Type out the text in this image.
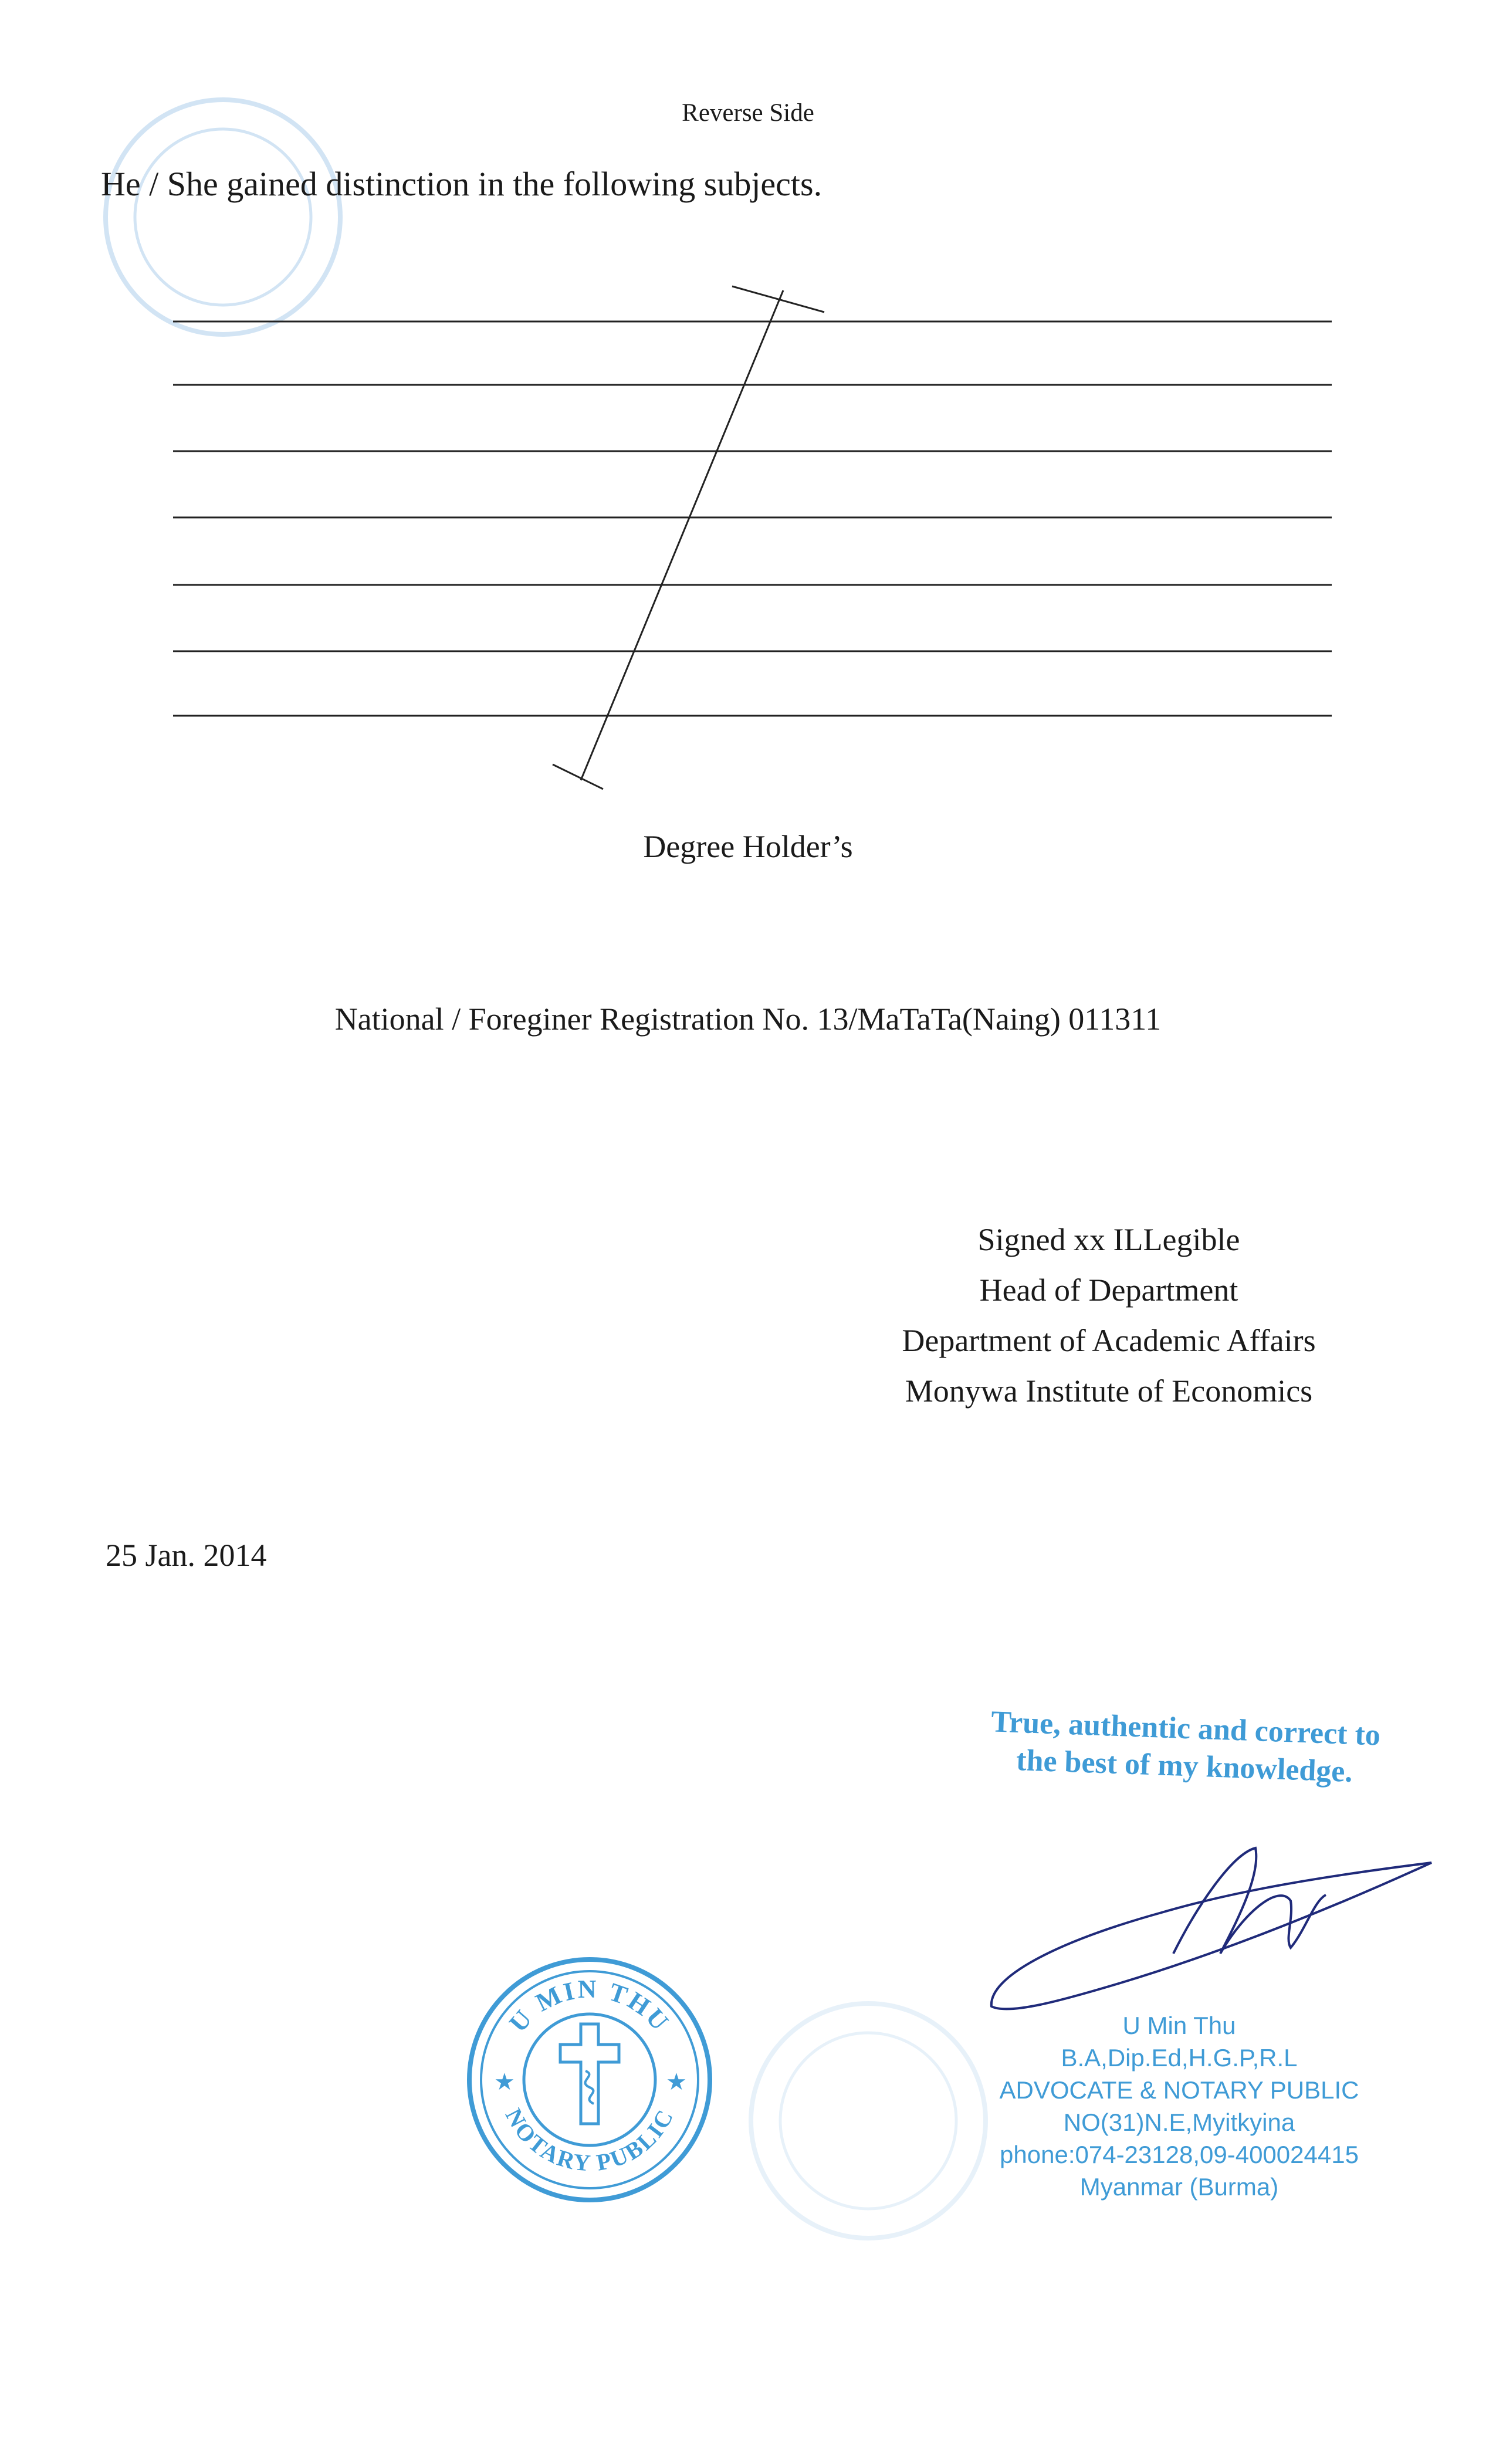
Reverse Side
He / She gained distinction in the following subjects.
Degree Holder’s
National / Foreginer Registration No. 13/MaTaTa(Naing) 011311
Signed xx ILLegible
Head of Department
Department of Academic Affairs
Monywa Institute of Economics
25 Jan. 2014
True, authentic and correct to
the best of my knowledge.
U MIN THU
NOTARY PUBLIC
★	★
U Min Thu
B.A,Dip.Ed,H.G.P,R.L
ADVOCATE & NOTARY PUBLIC
NO(31)N.E,Myitkyina
phone:074-23128,09-400024415
Myanmar (Burma)
